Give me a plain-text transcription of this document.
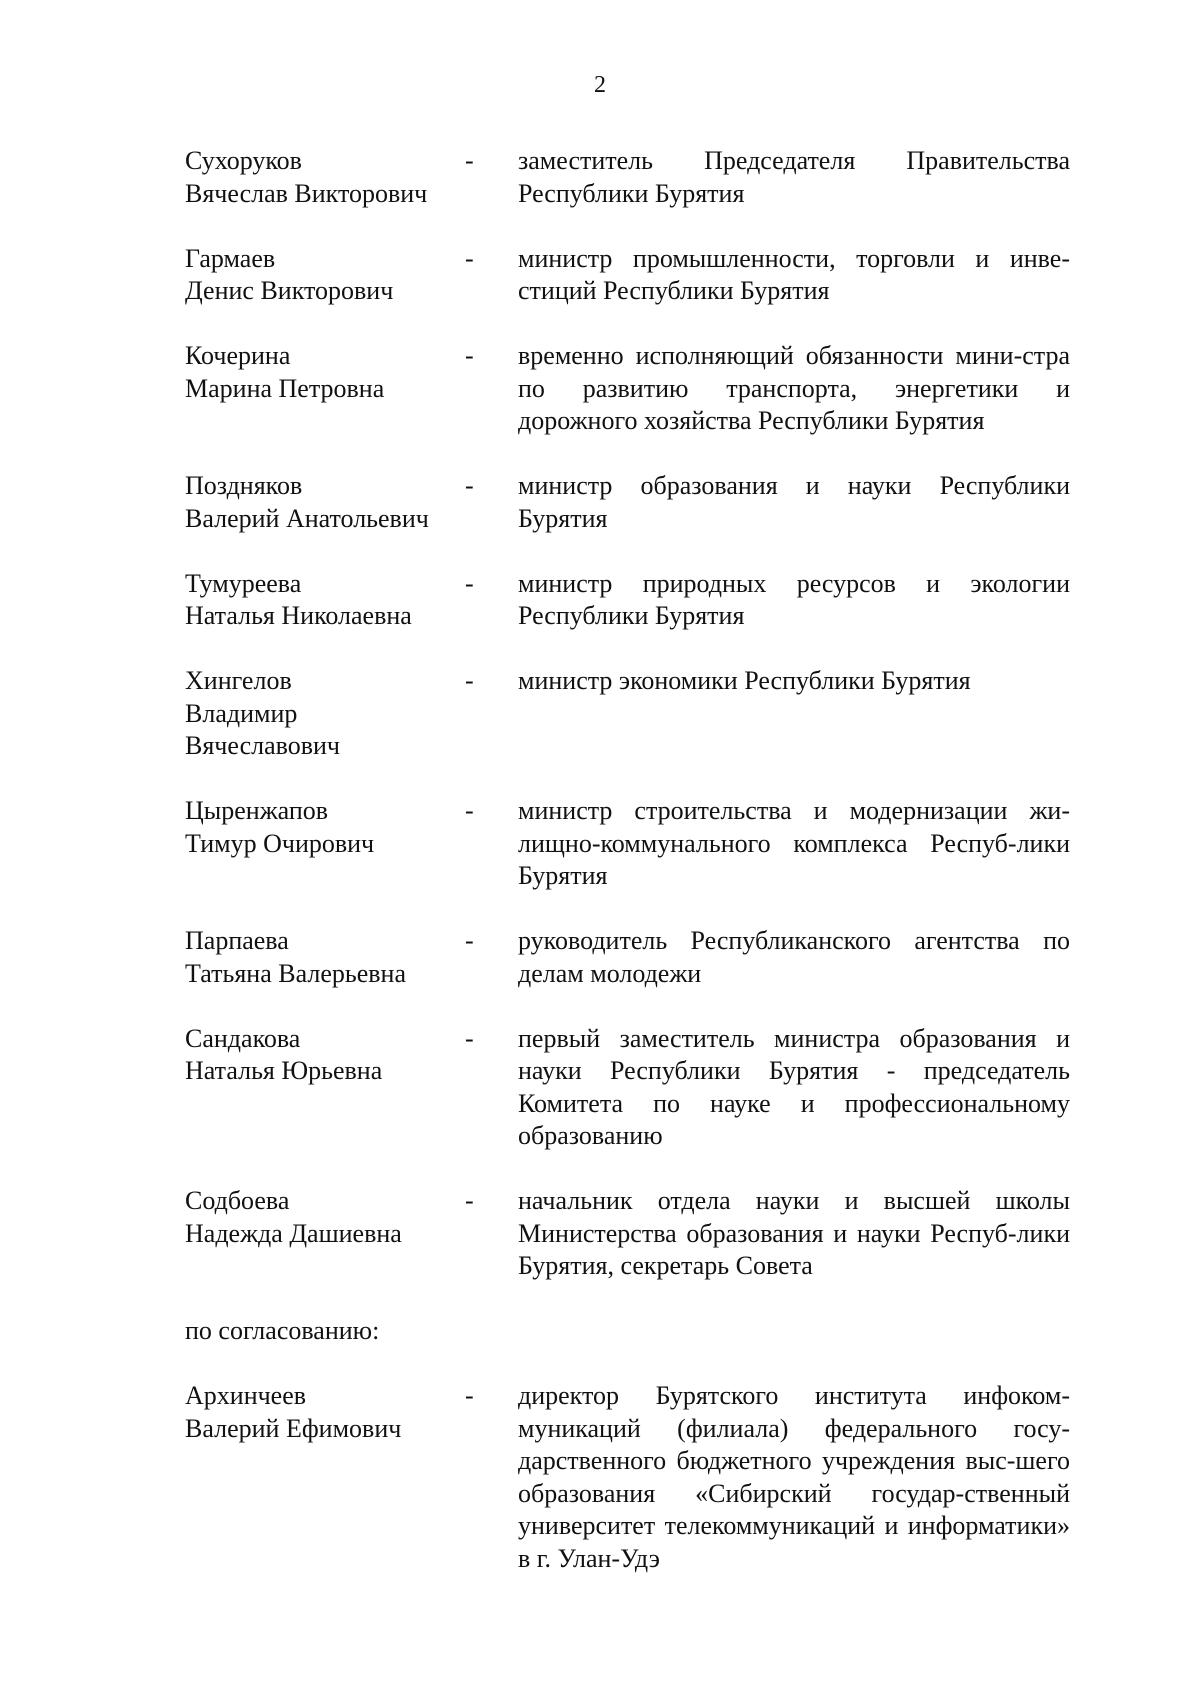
2
Сухоруков
Вячеслав Викторович
-	заместитель Председателя Правительства Республики Бурятия
Гармаев
Денис Викторович
-	министр промышленности, торговли и инве-стиций Республики Бурятия
Кочерина
Марина Петровна
-	временно исполняющий обязанности мини-стра по развитию транспорта, энергетики и дорожного хозяйства Республики Бурятия
Поздняков
Валерий Анатольевич
-	министр образования и науки Республики Бурятия
Тумуреева
Наталья Николаевна
-	министр природных ресурсов и экологии Республики Бурятия
Хингелов
Владимир
Вячеславович
-	министр экономики Республики Бурятия
Цыренжапов
Тимур Очирович
-	министр строительства и модернизации жи-лищно-коммунального комплекса Респуб-лики Бурятия
Парпаева
Татьяна Валерьевна
-	руководитель Республиканского агентства по делам молодежи
Сандакова
Наталья Юрьевна
-	первый заместитель министра образования и науки Республики Бурятия - председатель Комитета по науке и профессиональному образованию
Содбоева
Надежда Дашиевна
-	начальник отдела науки и высшей школы Министерства образования и науки Респуб-лики Бурятия, секретарь Совета
по согласованию:
Архинчеев
Валерий Ефимович
-	директор Бурятского института инфоком-муникаций (филиала) федерального госу-дарственного бюджетного учреждения выс-шего образования «Сибирский государ-ственный университет телекоммуникаций и информатики» в г. Улан-Удэ
